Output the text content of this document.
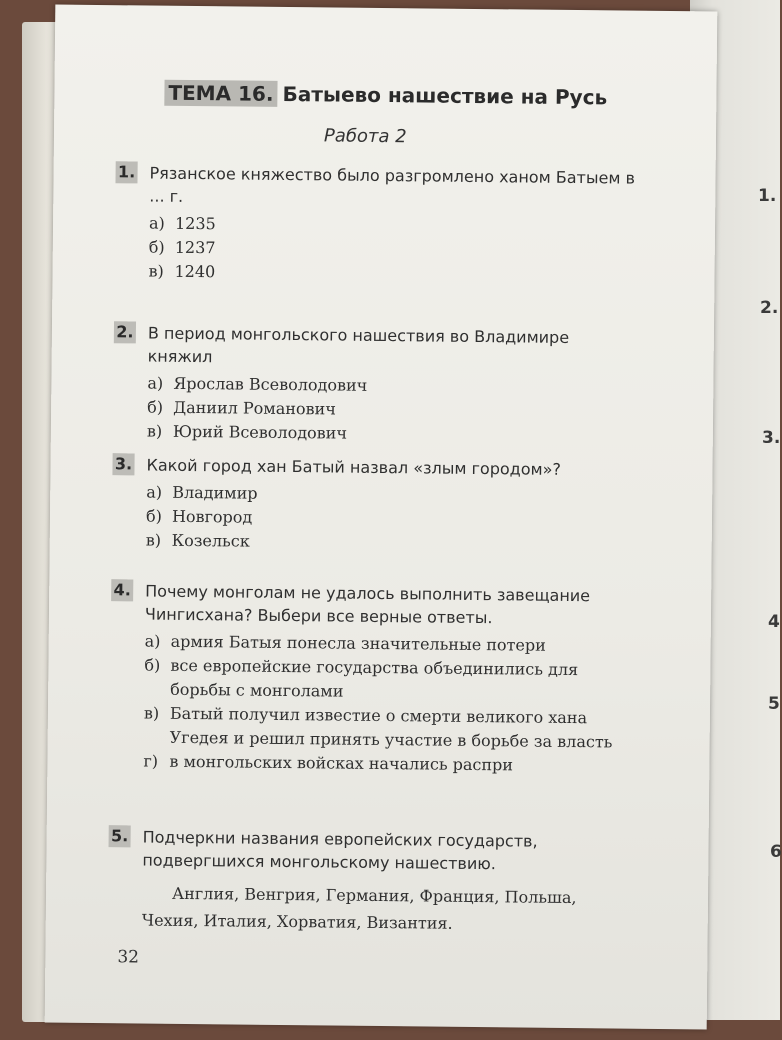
1.
2.
3.
4
5
6
ТЕМА 16. Батыево нашествие на Русь
Работа 2
1. Рязанское княжество было разгромлено ханом Батыем в ... г.
а) 1235
б) 1237
в) 1240
2. В период монгольского нашествия во Владимире княжил
а) Ярослав Всеволодович
б) Даниил Романович
в) Юрий Всеволодович
3. Какой город хан Батый назвал «злым городом»?
а) Владимир
б) Новгород
в) Козельск
4. Почему монголам не удалось выполнить завещание Чингисхана? Выбери все верные ответы.
а) армия Батыя понесла значительные потери
б) все европейские государства объединились для борьбы с монголами
в) Батый получил известие о смерти великого хана Угедея и решил принять участие в борьбе за власть
г) в монгольских войсках начались распри
5. Подчеркни названия европейских государств, подвергшихся монгольскому нашествию.
Англия, Венгрия, Германия, Франция, Польша,
Чехия, Италия, Хорватия, Византия.
32
